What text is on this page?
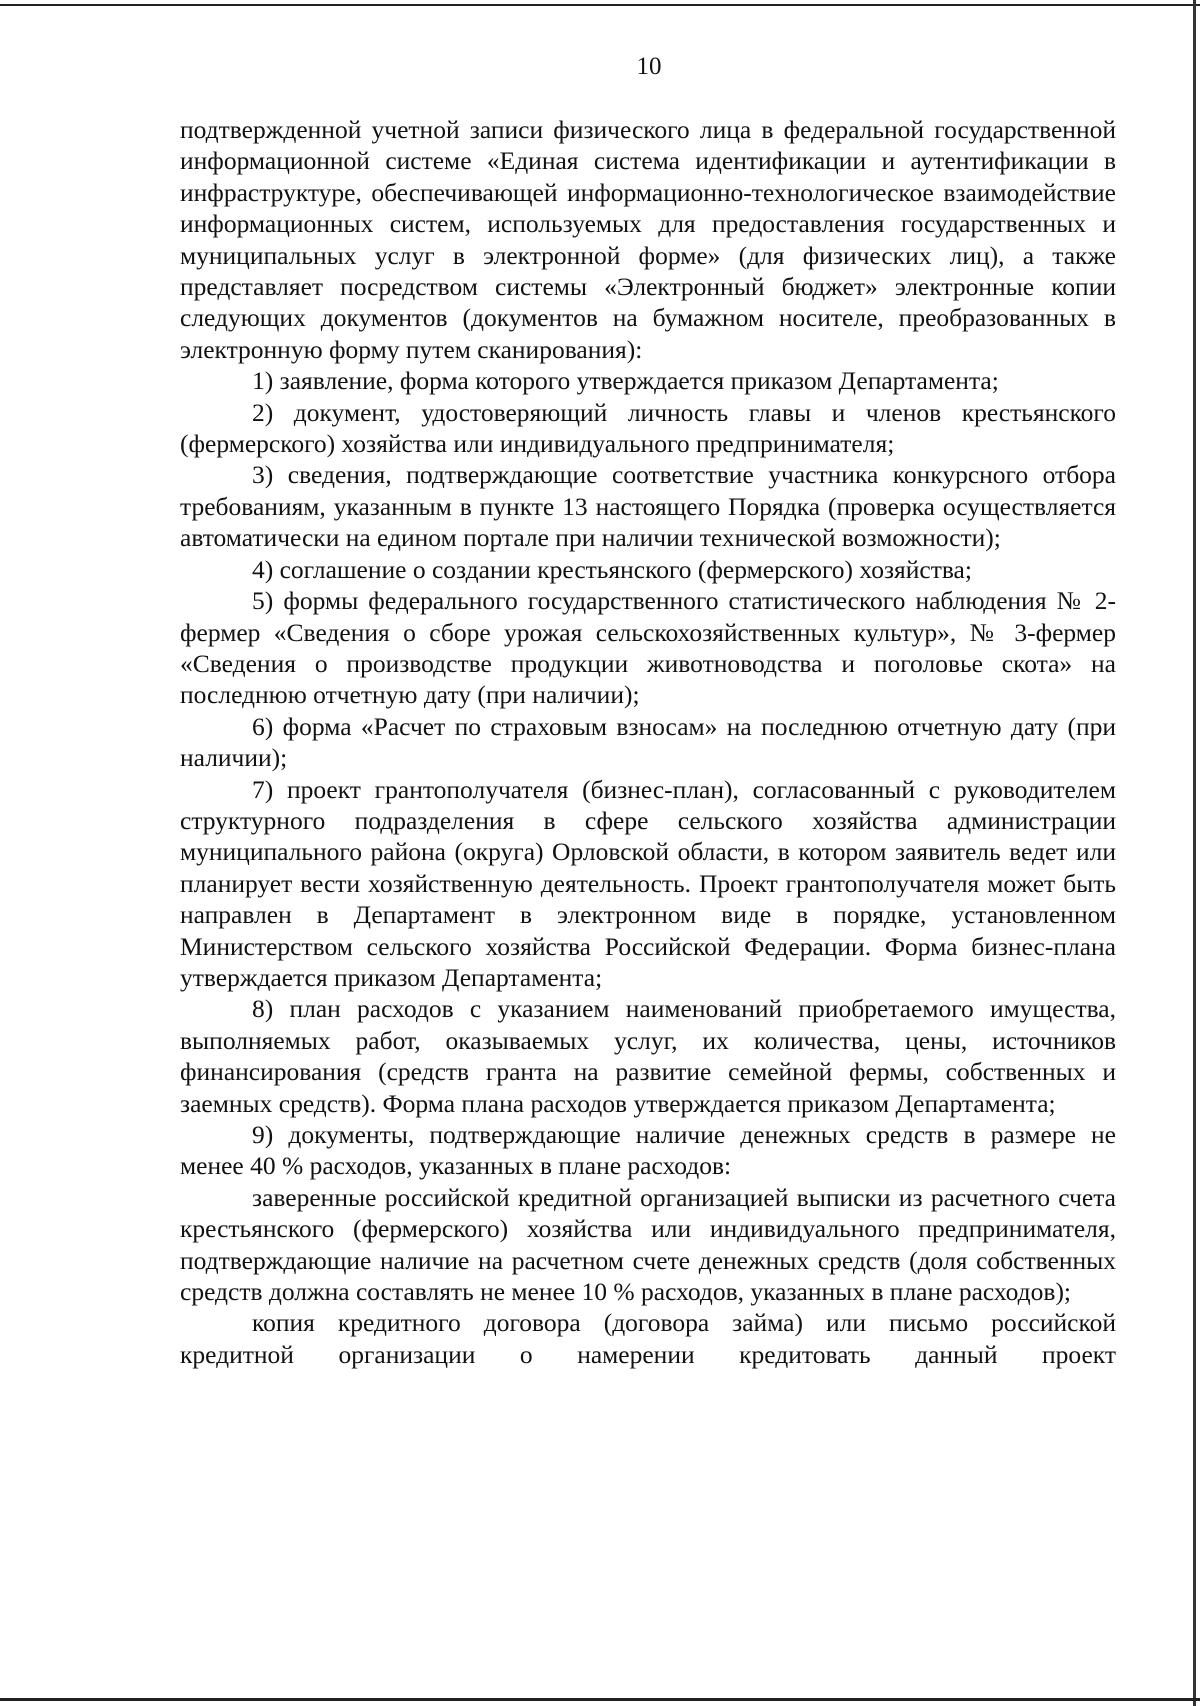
10

подтвержденной учетной записи физического лица в федеральной государственной информационной системе «Единая система идентификации и аутентификации в инфраструктуре, обеспечивающей информационно-технологическое взаимодействие информационных систем, используемых для предоставления государственных и муниципальных услуг в электронной форме» (для физических лиц), а также представляет посредством системы «Электронный бюджет» электронные копии следующих документов (документов на бумажном носителе, преобразованных в электронную форму путем сканирования):

1) заявление, форма которого утверждается приказом Департамента;

2) документ, удостоверяющий личность главы и членов крестьянского (фермерского) хозяйства или индивидуального предпринимателя;

3) сведения, подтверждающие соответствие участника конкурсного отбора требованиям, указанным в пункте 13 настоящего Порядка (проверка осуществляется автоматически на едином портале при наличии технической возможности);

4) соглашение о создании крестьянского (фермерского) хозяйства;

5) формы федерального государственного статистического наблюдения № 2-фермер «Сведения о сборе урожая сельскохозяйственных культур», № 3-фермер «Сведения о производстве продукции животноводства и поголовье скота» на последнюю отчетную дату (при наличии);

6) форма «Расчет по страховым взносам» на последнюю отчетную дату (при наличии);

7) проект грантополучателя (бизнес-план), согласованный с руководителем структурного подразделения в сфере сельского хозяйства администрации муниципального района (округа) Орловской области, в котором заявитель ведет или планирует вести хозяйственную деятельность. Проект грантополучателя может быть направлен в Департамент в электронном виде в порядке, установленном Министерством сельского хозяйства Российской Федерации. Форма бизнес-плана утверждается приказом Департамента;

8) план расходов с указанием наименований приобретаемого имущества, выполняемых работ, оказываемых услуг, их количества, цены, источников финансирования (средств гранта на развитие семейной фермы, собственных и заемных средств). Форма плана расходов утверждается приказом Департамента;

9) документы, подтверждающие наличие денежных средств в размере не менее 40 % расходов, указанных в плане расходов:

заверенные российской кредитной организацией выписки из расчетного счета крестьянского (фермерского) хозяйства или индивидуального предпринимателя, подтверждающие наличие на расчетном счете денежных средств (доля собственных средств должна составлять не менее 10 % расходов, указанных в плане расходов);

копия кредитного договора (договора займа) или письмо российской кредитной организации о намерении кредитовать данный проект
